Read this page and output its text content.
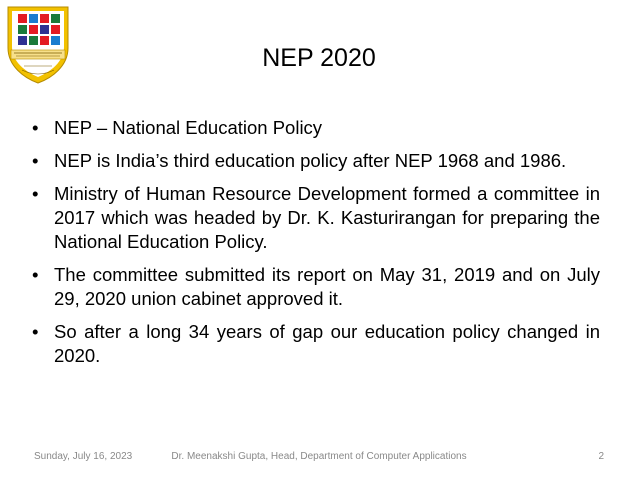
NEP 2020
• NEP – National Education Policy
• NEP is India’s third education policy after NEP 1968 and 1986.
• Ministry of Human Resource Development formed a committee in 2017 which was headed by Dr. K. Kasturirangan for preparing the National Education Policy.
• The committee submitted its report on May 31, 2019 and on July 29, 2020 union cabinet approved it.
• So after a long 34 years of gap our education policy changed in 2020.
Sunday, July 16, 2023	Dr. Meenakshi Gupta, Head, Department of Computer Applications	2
